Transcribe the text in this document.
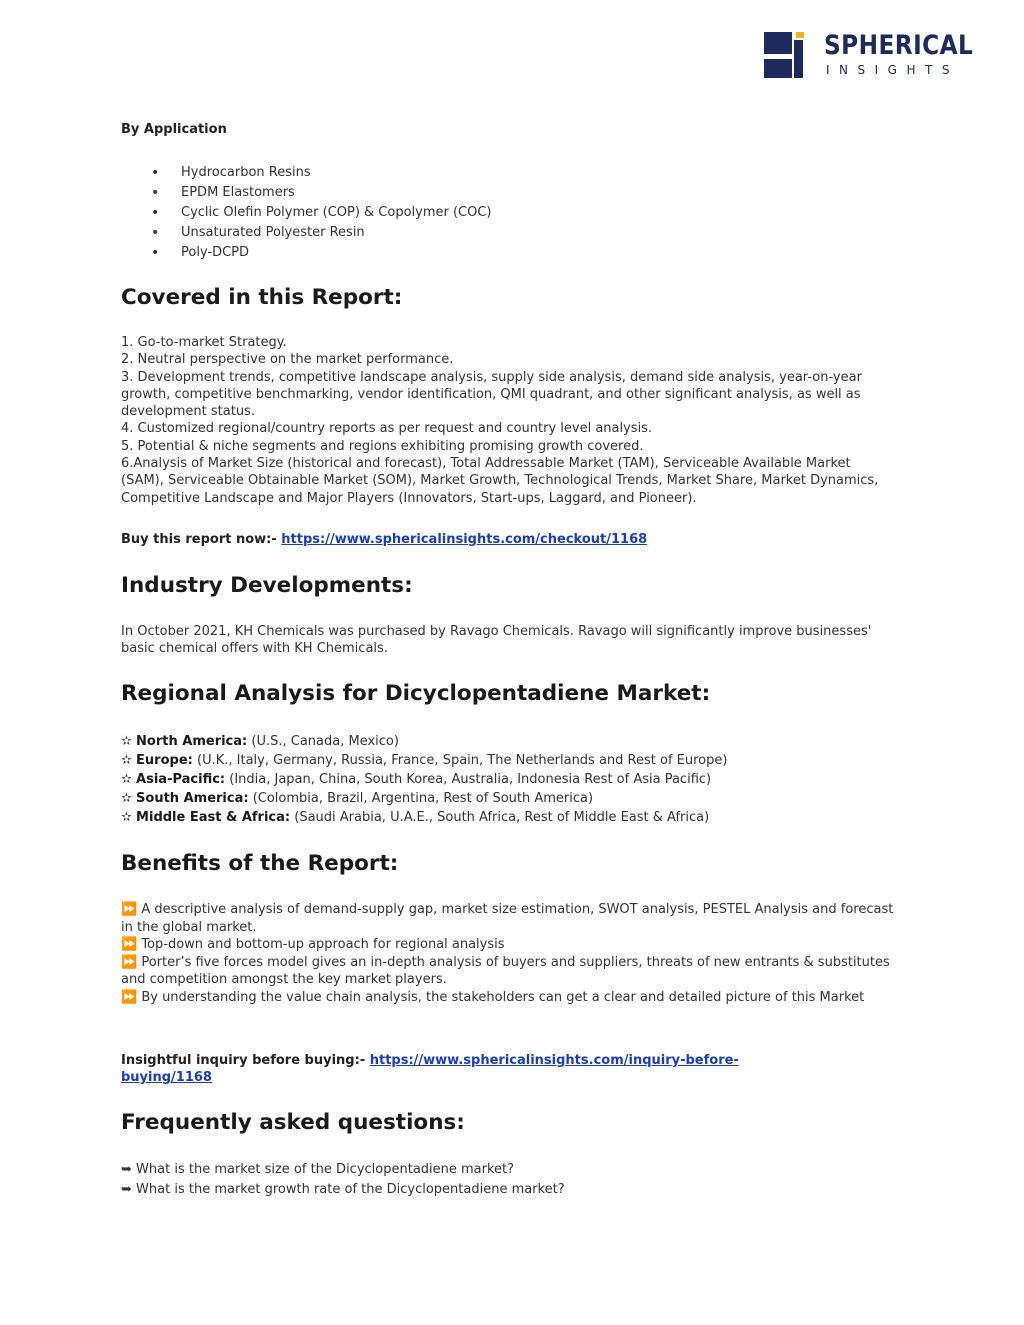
SPHERICAL
INSIGHTS
By Application
• Hydrocarbon Resins
• EPDM Elastomers
• Cyclic Olefin Polymer (COP) & Copolymer (COC)
• Unsaturated Polyester Resin
• Poly-DCPD
Covered in this Report:

1. Go-to-market Strategy.

2. Neutral perspective on the market performance.

3. Development trends, competitive landscape analysis, supply side analysis, demand side analysis, year-on-year growth, competitive benchmarking, vendor identification, QMI quadrant, and other significant analysis, as well as development status.

4. Customized regional/country reports as per request and country level analysis.

5. Potential & niche segments and regions exhibiting promising growth covered.

6.Analysis of Market Size (historical and forecast), Total Addressable Market (TAM), Serviceable Available Market (SAM), Serviceable Obtainable Market (SOM), Market Growth, Technological Trends, Market Share, Market Dynamics, Competitive Landscape and Major Players (Innovators, Start-ups, Laggard, and Pioneer).

Buy this report now:- https://www.sphericalinsights.com/checkout/1168
Industry Developments:

In October 2021, KH Chemicals was purchased by Ravago Chemicals. Ravago will significantly improve businesses' basic chemical offers with KH Chemicals.

Regional Analysis for Dicyclopentadiene Market:

✫ North America: (U.S., Canada, Mexico)

✫ Europe: (U.K., Italy, Germany, Russia, France, Spain, The Netherlands and Rest of Europe)

✫ Asia-Pacific: (India, Japan, China, South Korea, Australia, Indonesia Rest of Asia Pacific)

✫ South America: (Colombia, Brazil, Argentina, Rest of South America)

✫ Middle East & Africa: (Saudi Arabia, U.A.E., South Africa, Rest of Middle East & Africa)

Benefits of the Report:

⏩ A descriptive analysis of demand-supply gap, market size estimation, SWOT analysis, PESTEL Analysis and forecast in the global market.

⏩ Top-down and bottom-up approach for regional analysis

⏩ Porter’s five forces model gives an in-depth analysis of buyers and suppliers, threats of new entrants & substitutes and competition amongst the key market players.

⏩ By understanding the value chain analysis, the stakeholders can get a clear and detailed picture of this Market

Insightful inquiry before buying:- https://www.sphericalinsights.com/inquiry-before-buying/1168
Frequently asked questions:

➥ What is the market size of the Dicyclopentadiene market?

➥ What is the market growth rate of the Dicyclopentadiene market?
